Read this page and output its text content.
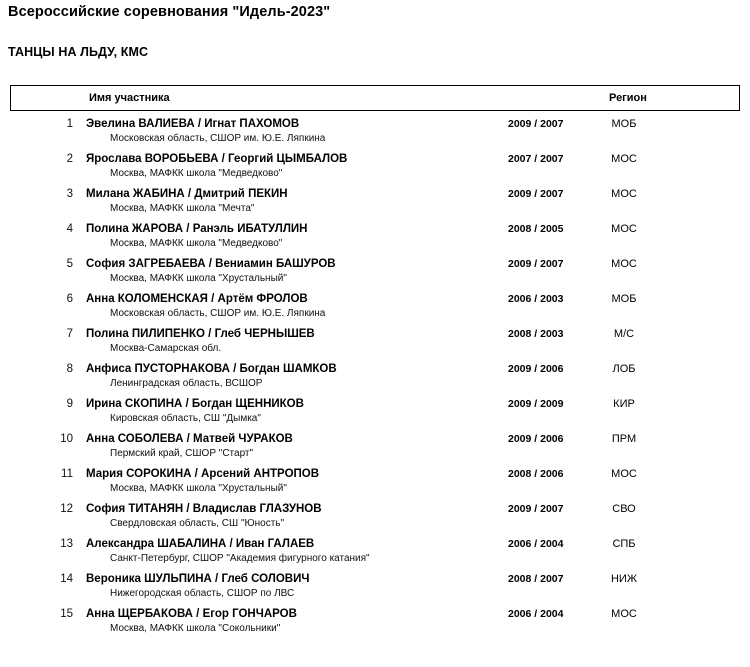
Всероссийские соревнования "Идель-2023"
ТАНЦЫ НА ЛЬДУ, КМС
Имя участника	Регион
1 Эвелина ВАЛИЕВА / Игнат ПАХОМОВ
Московская область, СШОР им. Ю.Е. Ляпкина
2009 / 2007	МОБ
2 Ярослава ВОРОБЬЕВА / Георгий ЦЫМБАЛОВ
Москва, МАФКК школа "Медведково"
2007 / 2007	МОС
3 Милана ЖАБИНА / Дмитрий ПЕКИН
Москва, МАФКК школа "Мечта"
2009 / 2007	МОС
4 Полина ЖАРОВА / Ранэль ИБАТУЛЛИН
Москва, МАФКК школа "Медведково"
2008 / 2005	МОС
5 София ЗАГРЕБАЕВА / Вениамин БАШУРОВ
Москва, МАФКК школа "Хрустальный"
2009 / 2007	МОС
6 Анна КОЛОМЕНСКАЯ / Артём ФРОЛОВ
Московская область, СШОР им. Ю.Е. Ляпкина
2006 / 2003	МОБ
7 Полина ПИЛИПЕНКО / Глеб ЧЕРНЫШЕВ
Москва-Самарская обл.
2008 / 2003	М/С
8 Анфиса ПУСТОРНАКОВА / Богдан ШАМКОВ
Ленинградская область, ВСШОР
2009 / 2006	ЛОБ
9 Ирина СКОПИНА / Богдан ЩЕННИКОВ
Кировская область, СШ "Дымка"
2009 / 2009	КИР
10 Анна СОБОЛЕВА / Матвей ЧУРАКОВ
Пермский край, СШОР "Старт"
2009 / 2006	ПРМ
11 Мария СОРОКИНА / Арсений АНТРОПОВ
Москва, МАФКК школа "Хрустальный"
2008 / 2006	МОС
12 София ТИТАНЯН / Владислав ГЛАЗУНОВ
Свердловская область, СШ "Юность"
2009 / 2007	СВО
13 Александра ШАБАЛИНА / Иван ГАЛАЕВ
Санкт-Петербург, СШОР "Академия фигурного катания"
2006 / 2004	СПБ
14 Вероника ШУЛЬПИНА / Глеб СОЛОВИЧ
Нижегородская область, СШОР по ЛВС
2008 / 2007	НИЖ
15 Анна ЩЕРБАКОВА / Егор ГОНЧАРОВ
Москва, МАФКК школа "Сокольники"
2006 / 2004	МОС
